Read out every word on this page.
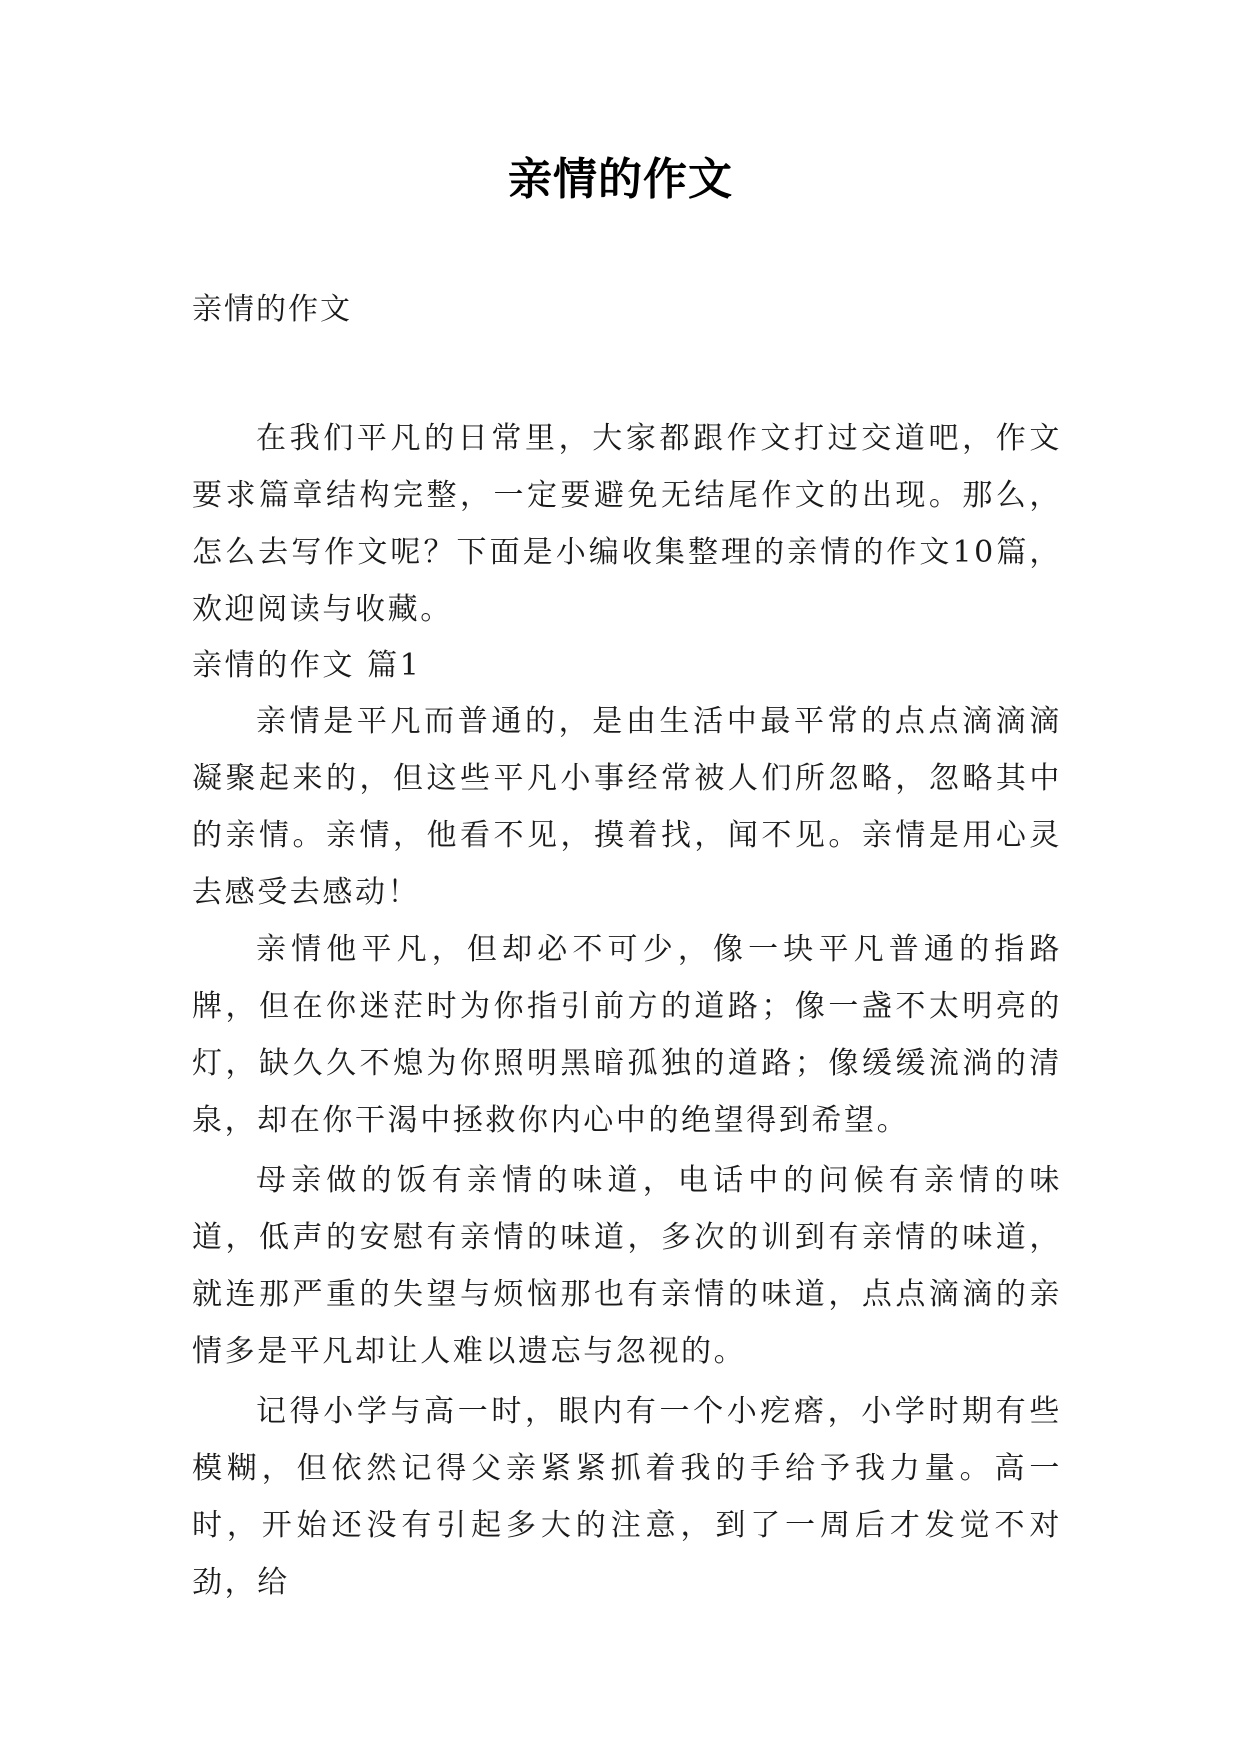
亲情的作文
亲情的作文

在我们平凡的日常里，大家都跟作文打过交道吧，作文要求篇章结构完整，一定要避免无结尾作文的出现。那么，怎么去写作文呢？下面是小编收集整理的亲情的作文10篇，欢迎阅读与收藏。

亲情的作文 篇1

亲情是平凡而普通的，是由生活中最平常的点点滴滴滴凝聚起来的，但这些平凡小事经常被人们所忽略，忽略其中的亲情。亲情，他看不见，摸着找，闻不见。亲情是用心灵去感受去感动！

亲情他平凡，但却必不可少，像一块平凡普通的指路牌，但在你迷茫时为你指引前方的道路；像一盏不太明亮的灯，缺久久不熄为你照明黑暗孤独的道路；像缓缓流淌的清泉，却在你干渴中拯救你内心中的绝望得到希望。

母亲做的饭有亲情的味道，电话中的问候有亲情的味道，低声的安慰有亲情的味道，多次的训到有亲情的味道，就连那严重的失望与烦恼那也有亲情的味道，点点滴滴的亲情多是平凡却让人难以遗忘与忽视的。

记得小学与高一时，眼内有一个小疙瘩，小学时期有些模糊，但依然记得父亲紧紧抓着我的手给予我力量。高一时，开始还没有引起多大的注意，到了一周后才发觉不对劲，给
